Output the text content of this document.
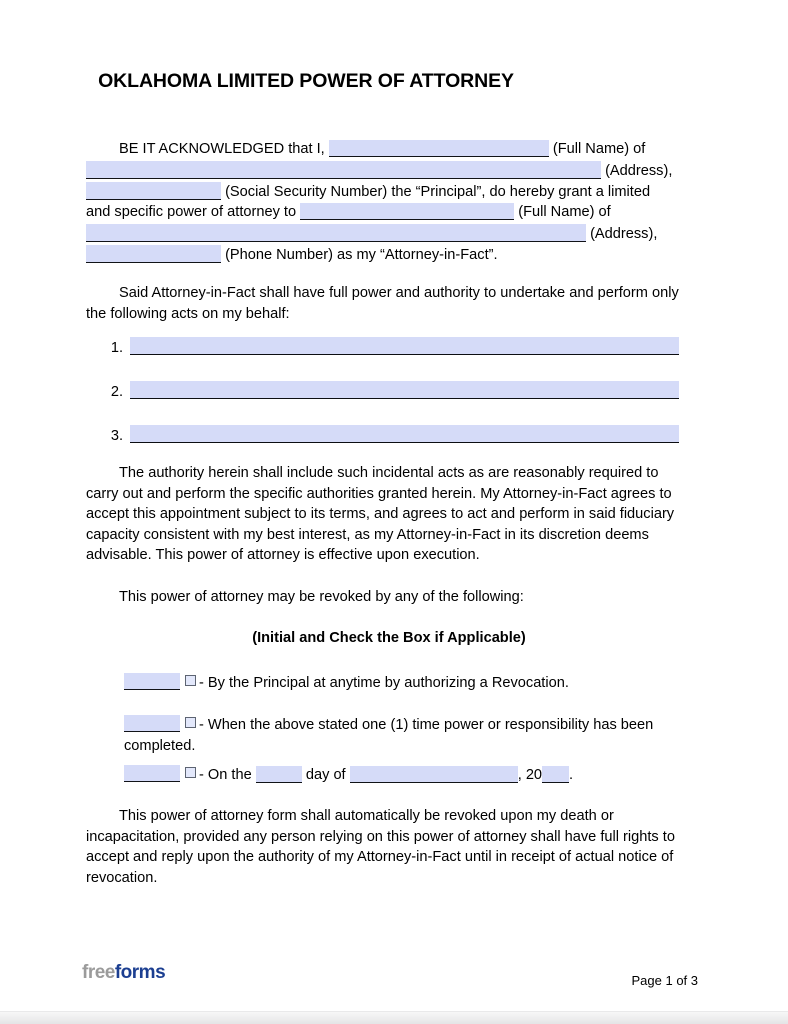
OKLAHOMA LIMITED POWER OF ATTORNEY
BE IT ACKNOWLEDGED that I,	(Full Name) of
(Address),
(Social Security Number) the “Principal”, do hereby grant a limited
and specific power of attorney to	(Full Name) of
(Address),
(Phone Number) as my “Attorney-in-Fact”.
Said Attorney-in-Fact shall have full power and authority to undertake and perform only the following acts on my behalf:
1.
2.
3.
The authority herein shall include such incidental acts as are reasonably required to carry out and perform the specific authorities granted herein. My Attorney-in-Fact agrees to accept this appointment subject to its terms, and agrees to act and perform in said fiduciary capacity consistent with my best interest, as my Attorney-in-Fact in its discretion deems advisable. This power of attorney is effective upon execution.
This power of attorney may be revoked by any of the following:
(Initial and Check the Box if Applicable)
- By the Principal at anytime by authorizing a Revocation.
- When the above stated one (1) time power or responsibility has been completed.
- On the	day of	, 20 .
This power of attorney form shall automatically be revoked upon my death or incapacitation, provided any person relying on this power of attorney shall have full rights to accept and reply upon the authority of my Attorney-in-Fact until in receipt of actual notice of revocation.
Page 1 of 3
freeforms
